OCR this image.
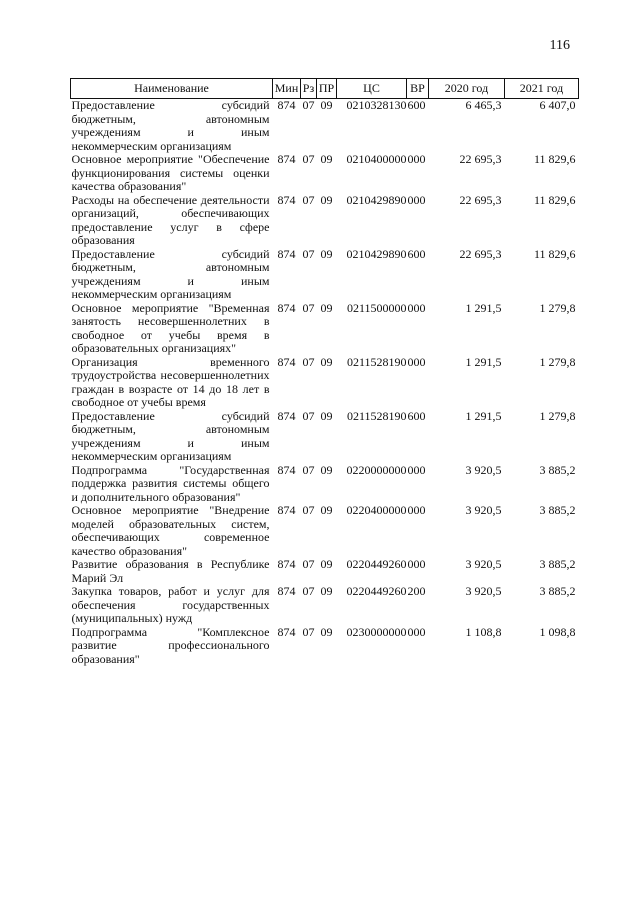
116
Наименование	Мин	Рз	ПР	ЦС	ВР	2020 год	2021 год
Предоставление субсидий бюджетным, автономным учреждениям и иным некоммерческим организациям	874	07	09	0210328130	600	6 465,3	6 407,0
Основное мероприятие "Обеспечение функционирования системы оценки качества образования"	874	07	09	0210400000	000	22 695,3	11 829,6
Расходы на обеспечение деятельности организаций, обеспечивающих предоставление услуг в сфере образования	874	07	09	0210429890	000	22 695,3	11 829,6
Предоставление субсидий бюджетным, автономным учреждениям и иным некоммерческим организациям	874	07	09	0210429890	600	22 695,3	11 829,6
Основное мероприятие "Временная занятость несовершеннолетних в свободное от учебы время в образовательных организациях"	874	07	09	0211500000	000	1 291,5	1 279,8
Организация временного трудоустройства несовершеннолетних граждан в возрасте от 14 до 18 лет в свободное от учебы время	874	07	09	0211528190	000	1 291,5	1 279,8
Предоставление субсидий бюджетным, автономным учреждениям и иным некоммерческим организациям	874	07	09	0211528190	600	1 291,5	1 279,8
Подпрограмма "Государственная поддержка развития системы общего и дополнительного образования"	874	07	09	0220000000	000	3 920,5	3 885,2
Основное мероприятие "Внедрение моделей образовательных систем, обеспечивающих современное качество образования"	874	07	09	0220400000	000	3 920,5	3 885,2
Развитие образования в Республике Марий Эл	874	07	09	0220449260	000	3 920,5	3 885,2
Закупка товаров, работ и услуг для обеспечения государственных (муниципальных) нужд	874	07	09	0220449260	200	3 920,5	3 885,2
Подпрограмма "Комплексное развитие профессионального образования"	874	07	09	0230000000	000	1 108,8	1 098,8
